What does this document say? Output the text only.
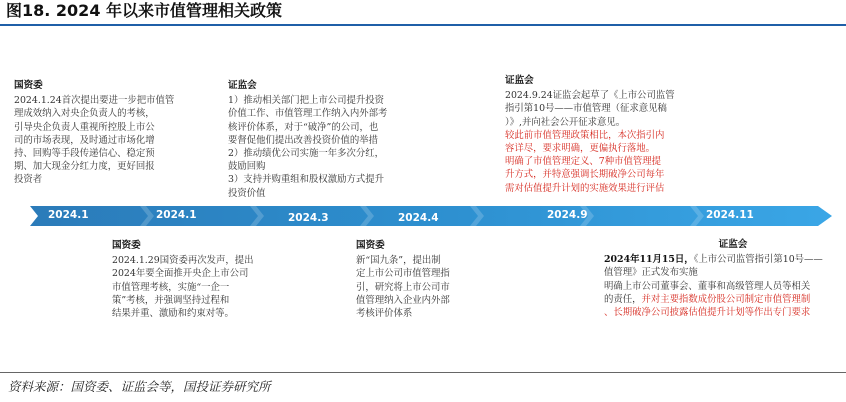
图18. 2024 年以来市值管理相关政策
2024.1	2024.1	2024.3	2024.4	2024.9	2024.11
国资委
2024.1.24首次提出要进一步把市值管
理成效纳入对央企负责人的考核，
引导央企负责人重视所控股上市公
司的市场表现，及时通过市场化增
持、回购等手段传递信心、稳定预
期、加大现金分红力度，更好回报
投资者
证监会
1）推动相关部门把上市公司提升投资
价值工作、市值管理工作纳入内外部考
核评价体系，对于“破净”的公司，也
要督促他们提出改善投资价值的举措
2）推动绩优公司实施一年多次分红，
鼓励回购
3）支持并购重组和股权激励方式提升
投资价值
证监会
2024.9.24证监会起草了《上市公司监管
指引第10号——市值管理（征求意见稿
）》,并向社会公开征求意见。
较此前市值管理政策相比，本次指引内
容详尽，要求明确，更偏执行落地。
明确了市值管理定义、7种市值管理提
升方式，并特意强调长期破净公司每年
需对估值提升计划的实施效果进行评估
国资委
2024.1.29国资委再次发声，提出
2024年要全面推开央企上市公司
市值管理考核，实施“一企一
策”考核，并强调坚持过程和
结果并重、激励和约束对等。
国资委
新“国九条”，提出制
定上市公司市值管理指
引，研究将上市公司市
值管理纳入企业内外部
考核评价体系
证监会
2024年11月15日，《上市公司监管指引第10号——
值管理》正式发布实施
明确上市公司董事会、董事和高级管理人员等相关
的责任，并对主要指数成份股公司制定市值管理制
、长期破净公司披露估值提升计划等作出专门要求
资料来源：国资委、证监会等，国投证券研究所
